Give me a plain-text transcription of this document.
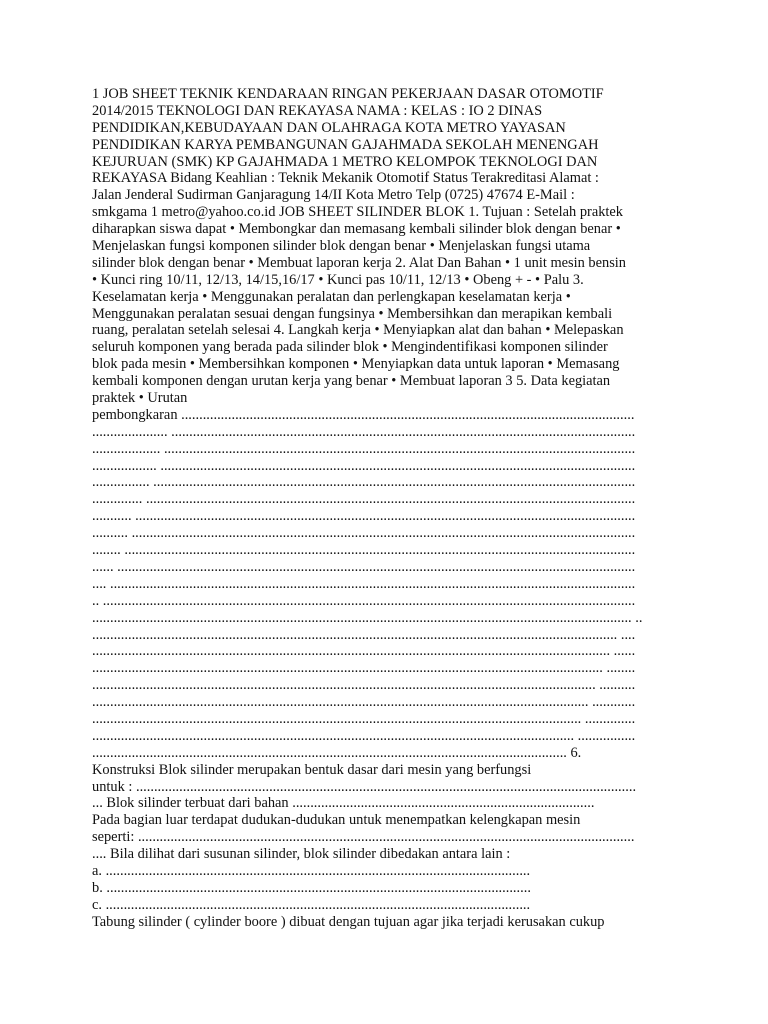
1 JOB SHEET TEKNIK KENDARAAN RINGAN PEKERJAAN DASAR OTOMOTIF
2014/2015 TEKNOLOGI DAN REKAYASA NAMA : KELAS : IO 2 DINAS
PENDIDIKAN,KEBUDAYAAN DAN OLAHRAGA KOTA METRO YAYASAN
PENDIDIKAN KARYA PEMBANGUNAN GAJAHMADA SEKOLAH MENENGAH
KEJURUAN (SMK) KP GAJAHMADA 1 METRO KELOMPOK TEKNOLOGI DAN
REKAYASA Bidang Keahlian : Teknik Mekanik Otomotif Status Terakreditasi Alamat :
Jalan Jenderal Sudirman Ganjaragung 14/II Kota Metro Telp (0725) 47674 E-Mail :
smkgama 1 metro@yahoo.co.id JOB SHEET SILINDER BLOK 1. Tujuan : Setelah praktek
diharapkan siswa dapat • Membongkar dan memasang kembali silinder blok dengan benar •
Menjelaskan fungsi komponen silinder blok dengan benar • Menjelaskan fungsi utama
silinder blok dengan benar • Membuat laporan kerja 2. Alat Dan Bahan • 1 unit mesin bensin
• Kunci ring 10/11, 12/13, 14/15,16/17 • Kunci pas 10/11, 12/13 • Obeng + - • Palu 3.
Keselamatan kerja • Menggunakan peralatan dan perlengkapan keselamatan kerja •
Menggunakan peralatan sesuai dengan fungsinya • Membersihkan dan merapikan kembali
ruang, peralatan setelah selesai 4. Langkah kerja • Menyiapkan alat dan bahan • Melepaskan
seluruh komponen yang berada pada silinder blok • Mengindentifikasi komponen silinder
blok pada mesin • Membersihkan komponen • Menyiapkan data untuk laporan • Memasang
kembali komponen dengan urutan kerja yang benar • Membuat laporan 3 5. Data kegiatan
praktek • Urutan
pembongkaran ..............................................................................................................................
..................... .................................................................................................................................
................... ...................................................................................................................................
.................. ....................................................................................................................................
................ ......................................................................................................................................
.............. ........................................................................................................................................
........... ...........................................................................................................................................
.......... ............................................................................................................................................
........ ..............................................................................................................................................
...... ................................................................................................................................................
.... ..................................................................................................................................................
.. ....................................................................................................................................................
...................................................................................................................................................... ..
.................................................................................................................................................. ....
................................................................................................................................................ ......
.............................................................................................................................................. ........
............................................................................................................................................ ..........
.......................................................................................................................................... ............
........................................................................................................................................ ..............
...................................................................................................................................... ................
.................................................................................................................................... 6.
Konstruksi Blok silinder merupakan bentuk dasar dari mesin yang berfungsi
untuk : ...........................................................................................................................................
... Blok silinder terbuat dari bahan ....................................................................................
Pada bagian luar terdapat dudukan-dudukan untuk menempatkan kelengkapan mesin
seperti: ..........................................................................................................................................
.... Bila dilihat dari susunan silinder, blok silinder dibedakan antara lain :
a. ......................................................................................................................
b. ......................................................................................................................
c. ......................................................................................................................
Tabung silinder ( cylinder boore ) dibuat dengan tujuan agar jika terjadi kerusakan cukup
